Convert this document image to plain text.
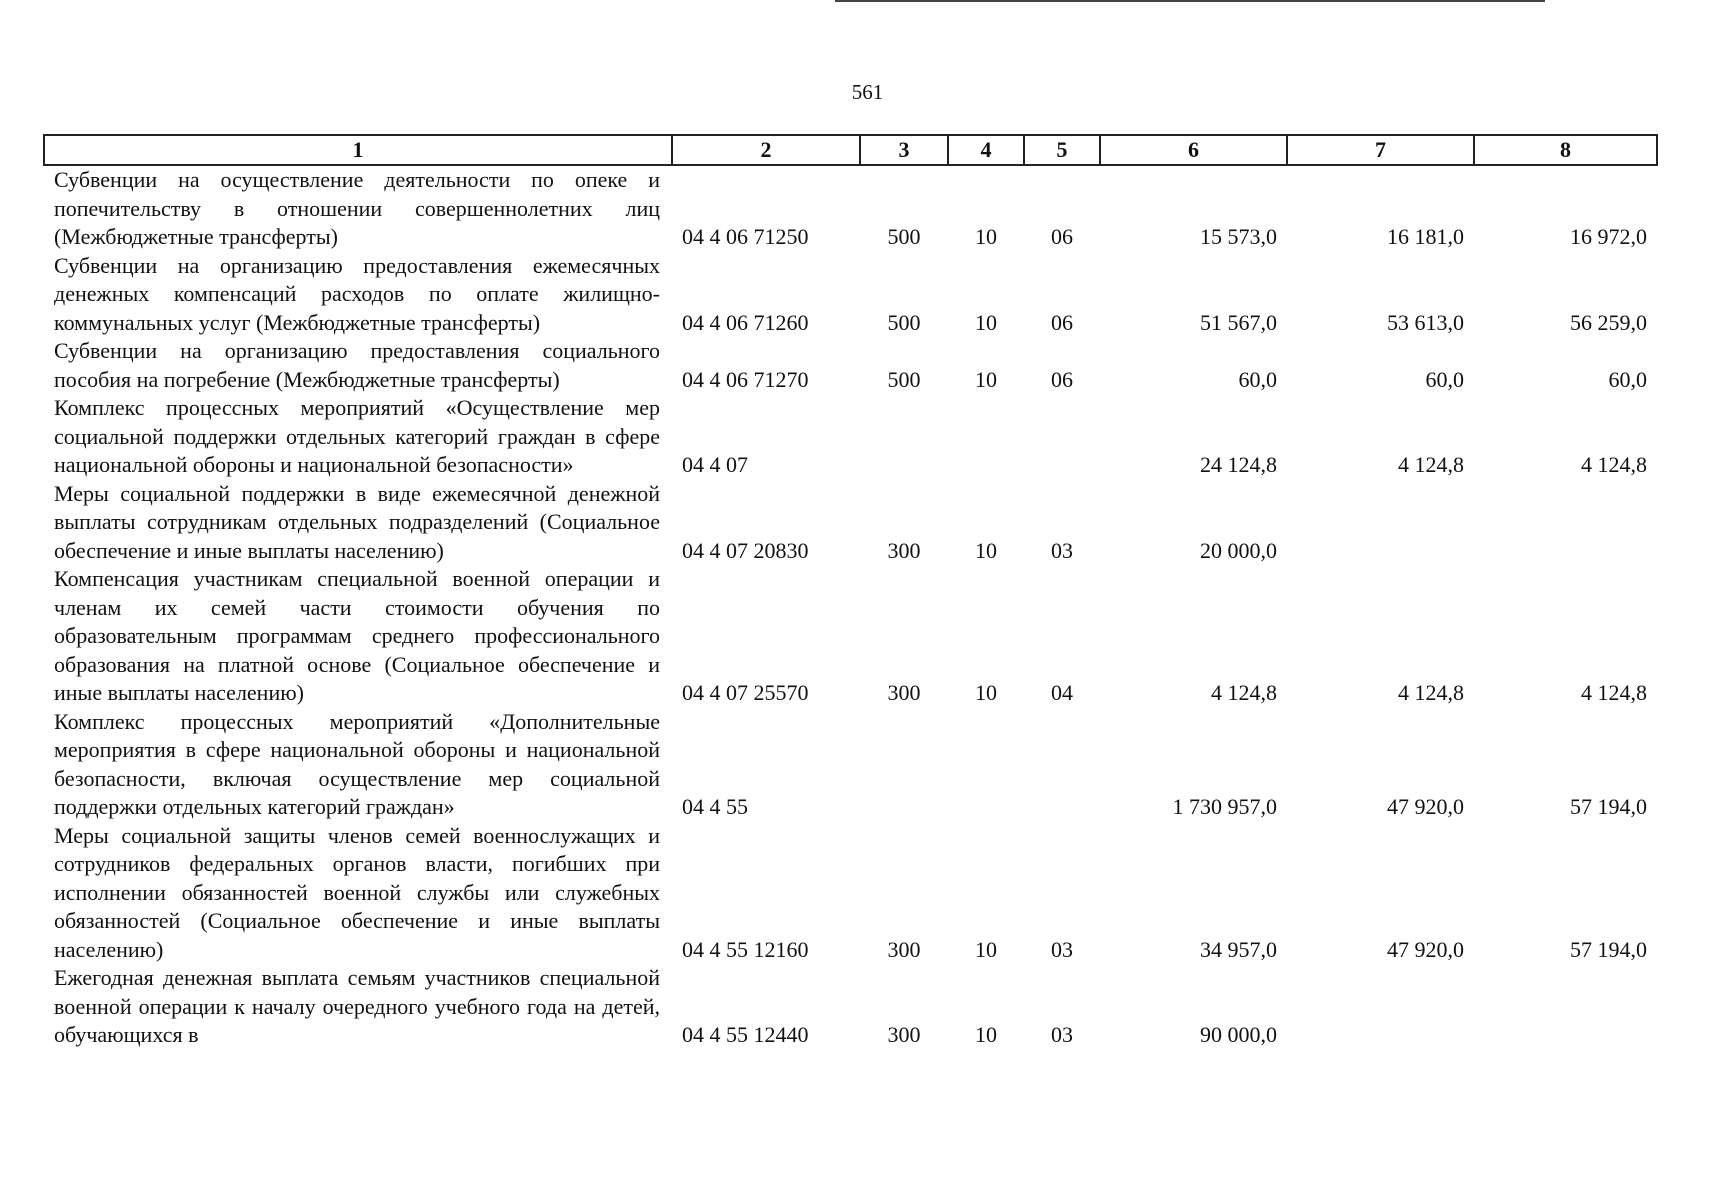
561
1	2	3	4	5	6	7	8
Субвенции на осуществление деятельности по опеке и попечительству в отношении совершеннолетних лиц (Межбюджетные трансферты)	04 4 06 71250	500	10	06	15 573,0	16 181,0	16 972,0
Субвенции на организацию предоставления ежемесячных денежных компенсаций расходов по оплате жилищно-коммунальных услуг (Межбюджетные трансферты)	04 4 06 71260	500	10	06	51 567,0	53 613,0	56 259,0
Субвенции на организацию предоставления социального пособия на погребение (Межбюджетные трансферты)	04 4 06 71270	500	10	06	60,0	60,0	60,0
Комплекс процессных мероприятий «Осуществление мер социальной поддержки отдельных категорий граждан в сфере национальной обороны и национальной безопасности»	04 4 07				24 124,8	4 124,8	4 124,8
Меры социальной поддержки в виде ежемесячной денежной выплаты сотрудникам отдельных подразделений (Социальное обеспечение и иные выплаты населению)	04 4 07 20830	300	10	03	20 000,0		
Компенсация участникам специальной военной операции и членам их семей части стоимости обучения по образовательным программам среднего профессионального образования на платной основе (Социальное обеспечение и иные выплаты населению)	04 4 07 25570	300	10	04	4 124,8	4 124,8	4 124,8
Комплекс процессных мероприятий «Дополнительные мероприятия в сфере национальной обороны и национальной безопасности, включая осуществление мер социальной поддержки отдельных категорий граждан»	04 4 55				1 730 957,0	47 920,0	57 194,0
Меры социальной защиты членов семей военнослужащих и сотрудников федеральных органов власти, погибших при исполнении обязанностей военной службы или служебных обязанностей (Социальное обеспечение и иные выплаты населению)	04 4 55 12160	300	10	03	34 957,0	47 920,0	57 194,0
Ежегодная денежная выплата семьям участников специальной военной операции к началу очередного учебного года на детей, обучающихся в	04 4 55 12440	300	10	03	90 000,0		
